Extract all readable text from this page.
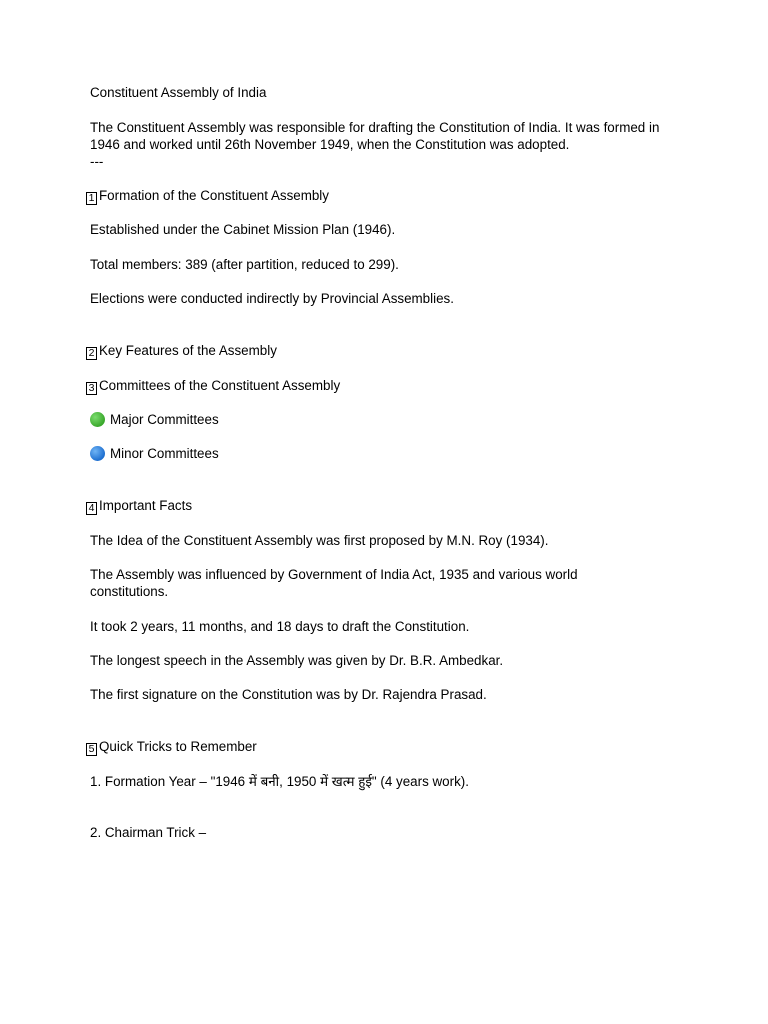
Constituent Assembly of India
The Constituent Assembly was responsible for drafting the Constitution of India. It was formed in 1946 and worked until 26th November 1949, when the Constitution was adopted.
---
1 Formation of the Constituent Assembly
Established under the Cabinet Mission Plan (1946).
Total members: 389 (after partition, reduced to 299).
Elections were conducted indirectly by Provincial Assemblies.
2 Key Features of the Assembly
3 Committees of the Constituent Assembly
Major Committees
Minor Committees
4 Important Facts
The Idea of the Constituent Assembly was first proposed by M.N. Roy (1934).
The Assembly was influenced by Government of India Act, 1935 and various world constitutions.
It took 2 years, 11 months, and 18 days to draft the Constitution.
The longest speech in the Assembly was given by Dr. B.R. Ambedkar.
The first signature on the Constitution was by Dr. Rajendra Prasad.
5 Quick Tricks to Remember
1. Formation Year – "1946 में बनी, 1950 में खत्म हुई" (4 years work).
2. Chairman Trick –
